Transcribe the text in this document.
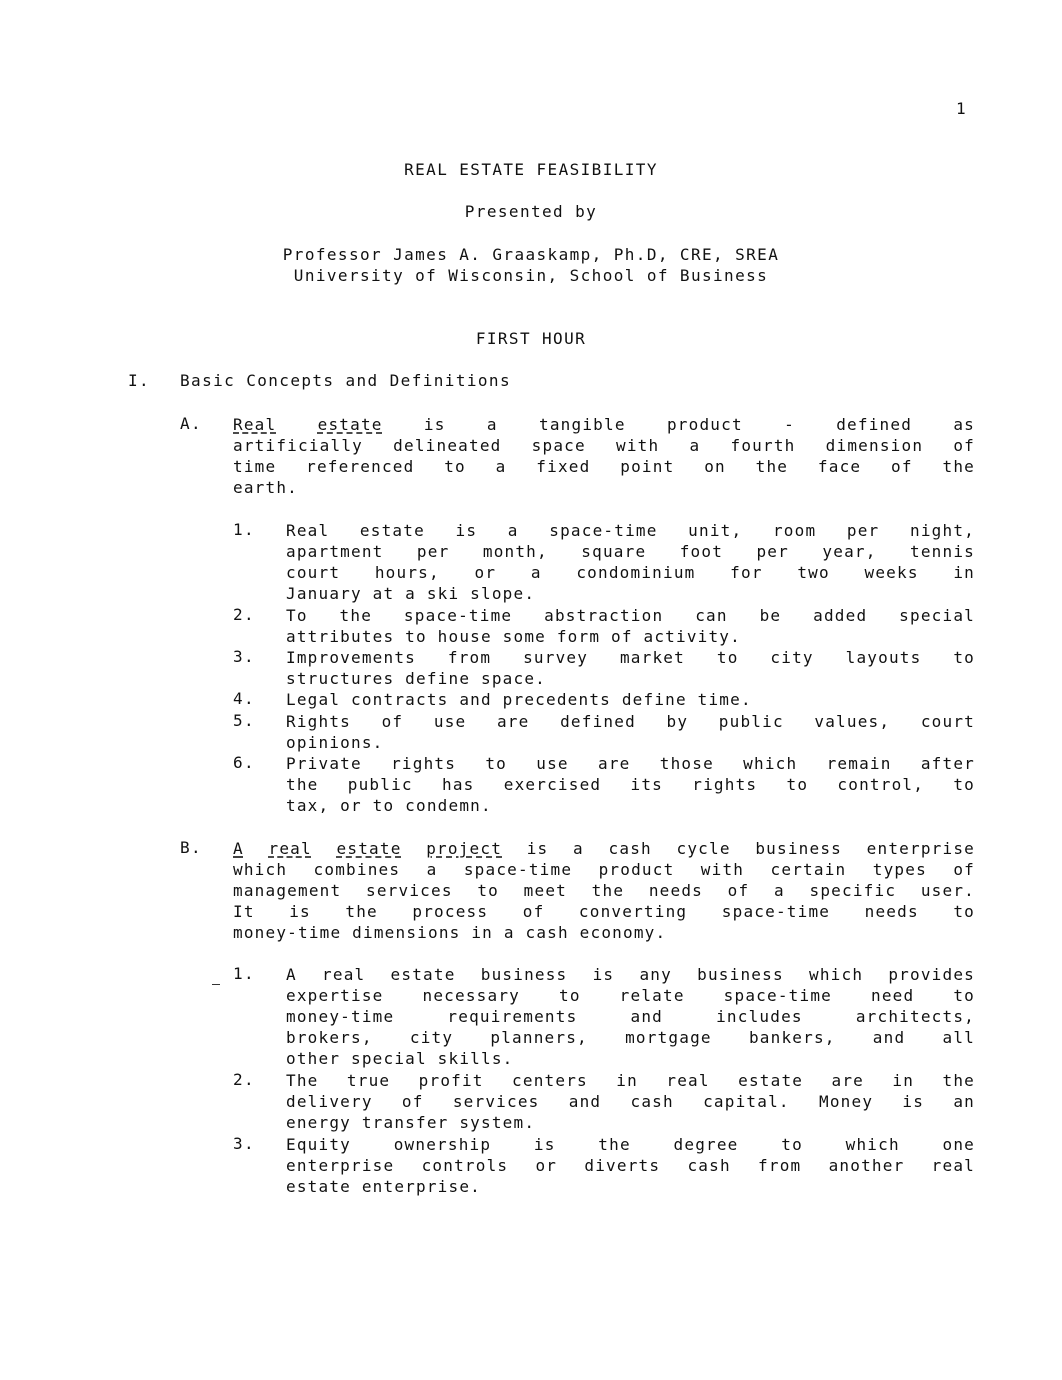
1
REAL ESTATE FEASIBILITY
Presented by
Professor James A. Graaskamp, Ph.D, CRE, SREA
University of Wisconsin, School of Business
FIRST HOUR
I. Basic Concepts and Definitions
A. Real	estate is a tangible product - defined as
artificially delineated space with a fourth dimension of
time referenced to a fixed point on the face of the
earth.
1. Real estate is a space-time unit, room per night,
apartment per month, square foot per year, tennis
court hours, or a condominium for two weeks in
January at a ski slope.
2. To the space-time abstraction can be added special
attributes to house some form of activity.
3. Improvements from survey market to city layouts to
structures define space.
4. Legal contracts and precedents define time.
5. Rights of use are defined by public values, court
opinions.
6. Private rights to use are those which remain after
the public has exercised its rights to control, to
tax, or to condemn.
B. A real estate project is a cash cycle business enterprise
which combines a space-time product with certain types of
management services to meet the needs of a specific user.
It is the process of converting space-time needs to
money-time dimensions in a cash economy.
1. A real estate business is any business which provides
expertise necessary to relate space-time need to
money-time requirements and includes architects,
brokers, city planners, mortgage bankers, and all
other special skills.
2. The true profit centers in real estate are in the
delivery of services and cash capital. Money is an
energy transfer system.
3. Equity ownership is the degree to which one
enterprise controls or diverts cash from another real
estate enterprise.
